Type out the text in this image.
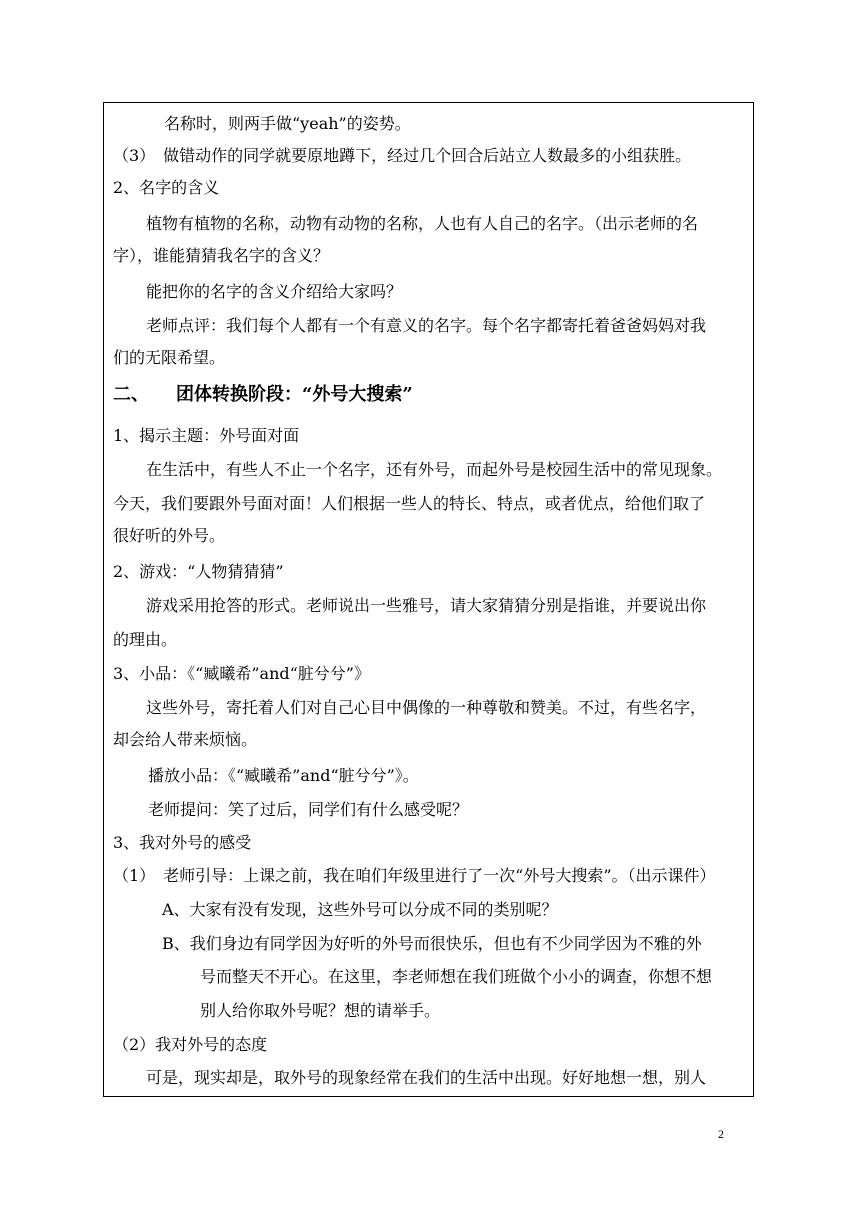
名称时，则两手做“yeah”的姿势。
（3）　做错动作的同学就要原地蹲下，经过几个回合后站立人数最多的小组获胜。
2、名字的含义
植物有植物的名称，动物有动物的名称，人也有人自己的名字。（出示老师的名
字），谁能猜猜我名字的含义？
能把你的名字的含义介绍给大家吗？
老师点评：我们每个人都有一个有意义的名字。每个名字都寄托着爸爸妈妈对我
们的无限希望。
二、　　团体转换阶段：“外号大搜索”
1、揭示主题：外号面对面
在生活中，有些人不止一个名字，还有外号，而起外号是校园生活中的常见现象。
今天，我们要跟外号面对面！人们根据一些人的特长、特点，或者优点，给他们取了
很好听的外号。
2、游戏：“人物猜猜猜”
游戏采用抢答的形式。老师说出一些雅号，请大家猜猜分别是指谁，并要说出你
的理由。
3、小品：《“臧曦希”and“脏兮兮”》
这些外号，寄托着人们对自己心目中偶像的一种尊敬和赞美。不过，有些名字，
却会给人带来烦恼。
播放小品：《“臧曦希”and“脏兮兮”》。
老师提问：笑了过后，同学们有什么感受呢？
3、我对外号的感受
（1）　老师引导：上课之前，我在咱们年级里进行了一次“外号大搜索”。（出示课件）
A、大家有没有发现，这些外号可以分成不同的类别呢？
B、我们身边有同学因为好听的外号而很快乐，但也有不少同学因为不雅的外
号而整天不开心。在这里，李老师想在我们班做个小小的调查，你想不想
别人给你取外号呢？想的请举手。
（2）我对外号的态度
可是，现实却是，取外号的现象经常在我们的生活中出现。好好地想一想，别人
2
